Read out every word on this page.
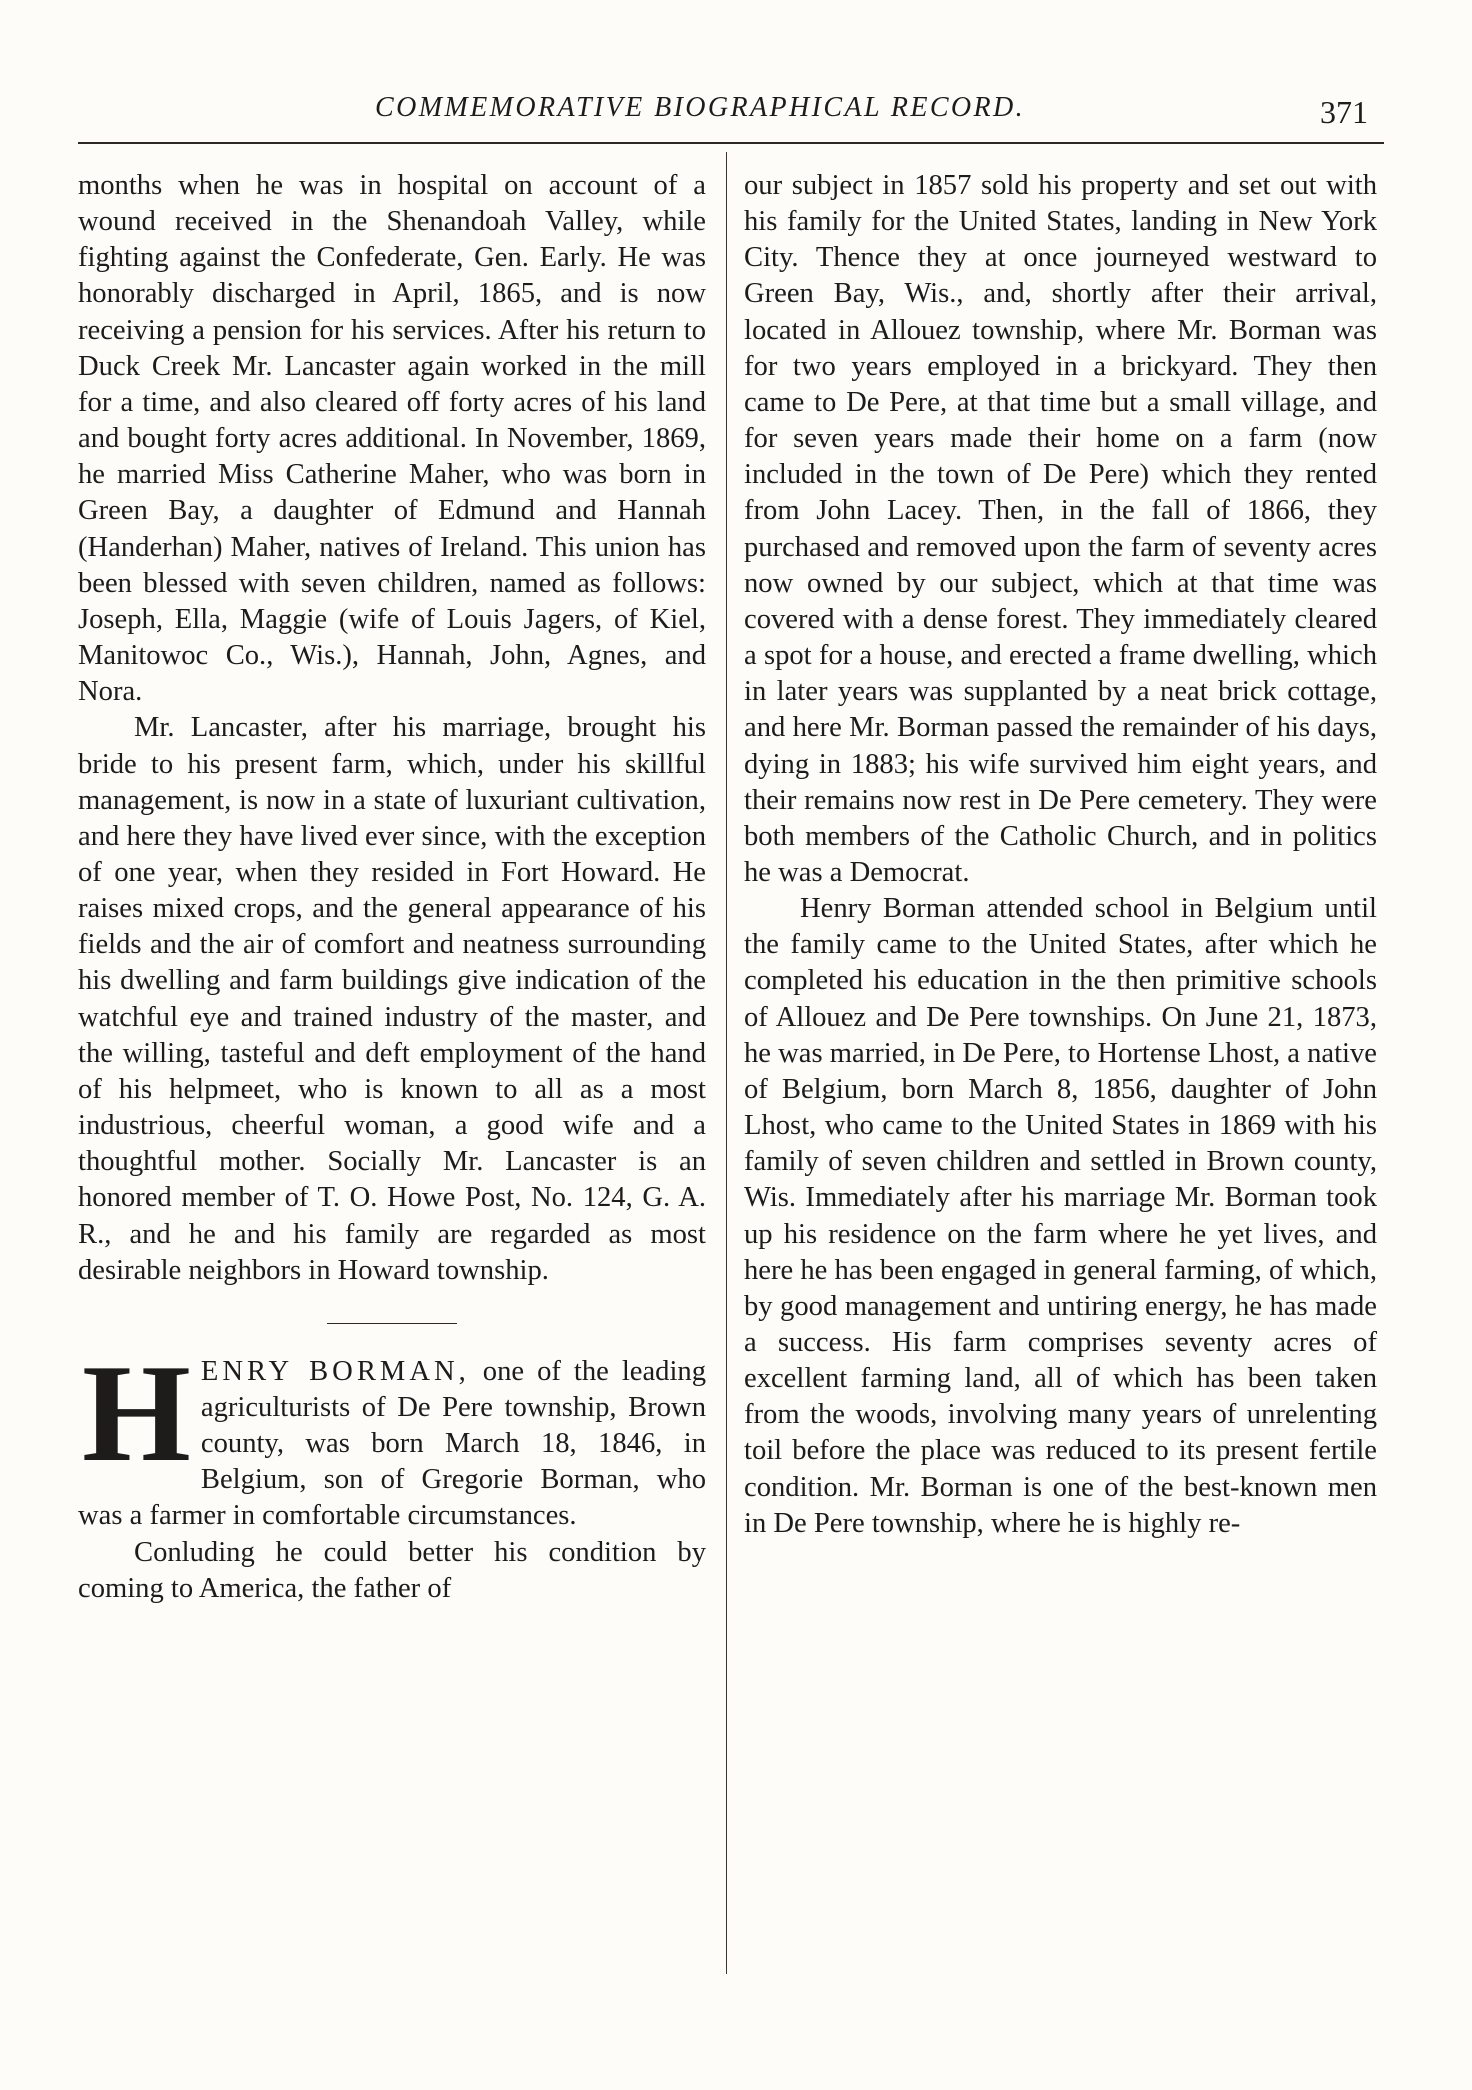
COMMEMORATIVE BIOGRAPHICAL RECORD.	371

months when he was in hospital on account of a wound received in the Shenandoah Valley, while fighting against the Confederate, Gen. Early. He was honorably discharged in April, 1865, and is now receiving a pension for his services. After his return to Duck Creek Mr. Lancaster again worked in the mill for a time, and also cleared off forty acres of his land and bought forty acres additional. In November, 1869, he married Miss Catherine Maher, who was born in Green Bay, a daughter of Edmund and Hannah (Handerhan) Maher, natives of Ireland. This union has been blessed with seven children, named as follows: Joseph, Ella, Maggie (wife of Louis Jagers, of Kiel, Manitowoc Co., Wis.), Hannah, John, Agnes, and Nora.

Mr. Lancaster, after his marriage, brought his bride to his present farm, which, under his skillful management, is now in a state of luxuriant cultivation, and here they have lived ever since, with the exception of one year, when they resided in Fort Howard. He raises mixed crops, and the general appearance of his fields and the air of comfort and neatness surrounding his dwelling and farm buildings give indication of the watchful eye and trained industry of the master, and the willing, tasteful and deft employment of the hand of his helpmeet, who is known to all as a most industrious, cheerful woman, a good wife and a thoughtful mother. Socially Mr. Lancaster is an honored member of T. O. Howe Post, No. 124, G. A. R., and he and his family are regarded as most desirable neighbors in Howard township.

HENRY BORMAN, one of the leading agriculturists of De Pere township, Brown county, was born March 18, 1846, in Belgium, son of Gregorie Borman, who was a farmer in comfortable circumstances.

Conluding he could better his condition by coming to America, the father of

our subject in 1857 sold his property and set out with his family for the United States, landing in New York City. Thence they at once journeyed westward to Green Bay, Wis., and, shortly after their arrival, located in Allouez township, where Mr. Borman was for two years employed in a brickyard. They then came to De Pere, at that time but a small village, and for seven years made their home on a farm (now included in the town of De Pere) which they rented from John Lacey. Then, in the fall of 1866, they purchased and removed upon the farm of seventy acres now owned by our subject, which at that time was covered with a dense forest. They immediately cleared a spot for a house, and erected a frame dwelling, which in later years was supplanted by a neat brick cottage, and here Mr. Borman passed the remainder of his days, dying in 1883; his wife survived him eight years, and their remains now rest in De Pere cemetery. They were both members of the Catholic Church, and in politics he was a Democrat.

Henry Borman attended school in Belgium until the family came to the United States, after which he completed his education in the then primitive schools of Allouez and De Pere townships. On June 21, 1873, he was married, in De Pere, to Hortense Lhost, a native of Belgium, born March 8, 1856, daughter of John Lhost, who came to the United States in 1869 with his family of seven children and settled in Brown county, Wis. Immediately after his marriage Mr. Borman took up his residence on the farm where he yet lives, and here he has been engaged in general farming, of which, by good management and untiring energy, he has made a success. His farm comprises seventy acres of excellent farming land, all of which has been taken from the woods, involving many years of unrelenting toil before the place was reduced to its present fertile condition. Mr. Borman is one of the best-known men in De Pere township, where he is highly re-
